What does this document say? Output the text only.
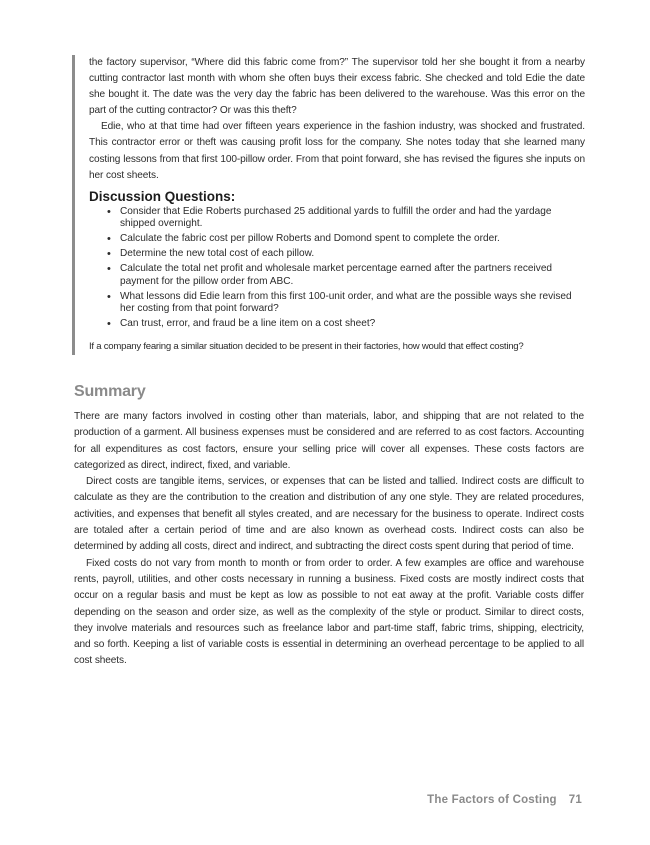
the factory supervisor, “Where did this fabric come from?” The supervisor told her she bought it from a nearby cutting contractor last month with whom she often buys their excess fabric. She checked and told Edie the date she bought it. The date was the very day the fabric has been delivered to the warehouse. Was this error on the part of the cutting contractor? Or was this theft?

Edie, who at that time had over fifteen years experience in the fashion industry, was shocked and frustrated. This contractor error or theft was causing profit loss for the company. She notes today that she learned many costing lessons from that first 100-pillow order. From that point forward, she has revised the figures she inputs on her cost sheets.

Discussion Questions:
• Consider that Edie Roberts purchased 25 additional yards to fulfill the order and had the yardage shipped overnight.
• Calculate the fabric cost per pillow Roberts and Domond spent to complete the order.
• Determine the new total cost of each pillow.
• Calculate the total net profit and wholesale market percentage earned after the partners received payment for the pillow order from ABC.
• What lessons did Edie learn from this first 100-unit order, and what are the possible ways she revised her costing from that point forward?
• Can trust, error, and fraud be a line item on a cost sheet?
If a company fearing a similar situation decided to be present in their factories, how would that effect costing?
Summary

There are many factors involved in costing other than materials, labor, and shipping that are not related to the production of a garment. All business expenses must be considered and are referred to as cost factors. Accounting for all expenditures as cost factors, ensure your selling price will cover all expenses. These costs factors are categorized as direct, indirect, fixed, and variable.

Direct costs are tangible items, services, or expenses that can be listed and tallied. Indirect costs are difficult to calculate as they are the contribution to the creation and distribution of any one style. They are related procedures, activities, and expenses that benefit all styles created, and are necessary for the business to operate. Indirect costs are totaled after a certain period of time and are also known as overhead costs. Indirect costs can also be determined by adding all costs, direct and indirect, and subtracting the direct costs spent during that period of time.

Fixed costs do not vary from month to month or from order to order. A few examples are office and warehouse rents, payroll, utilities, and other costs necessary in running a business. Fixed costs are mostly indirect costs that occur on a regular basis and must be kept as low as possible to not eat away at the profit. Variable costs differ depending on the season and order size, as well as the complexity of the style or product. Similar to direct costs, they involve materials and resources such as freelance labor and part-time staff, fabric trims, shipping, electricity, and so forth. Keeping a list of variable costs is essential in determining an overhead percentage to be applied to all cost sheets.

The Factors of Costing 71
